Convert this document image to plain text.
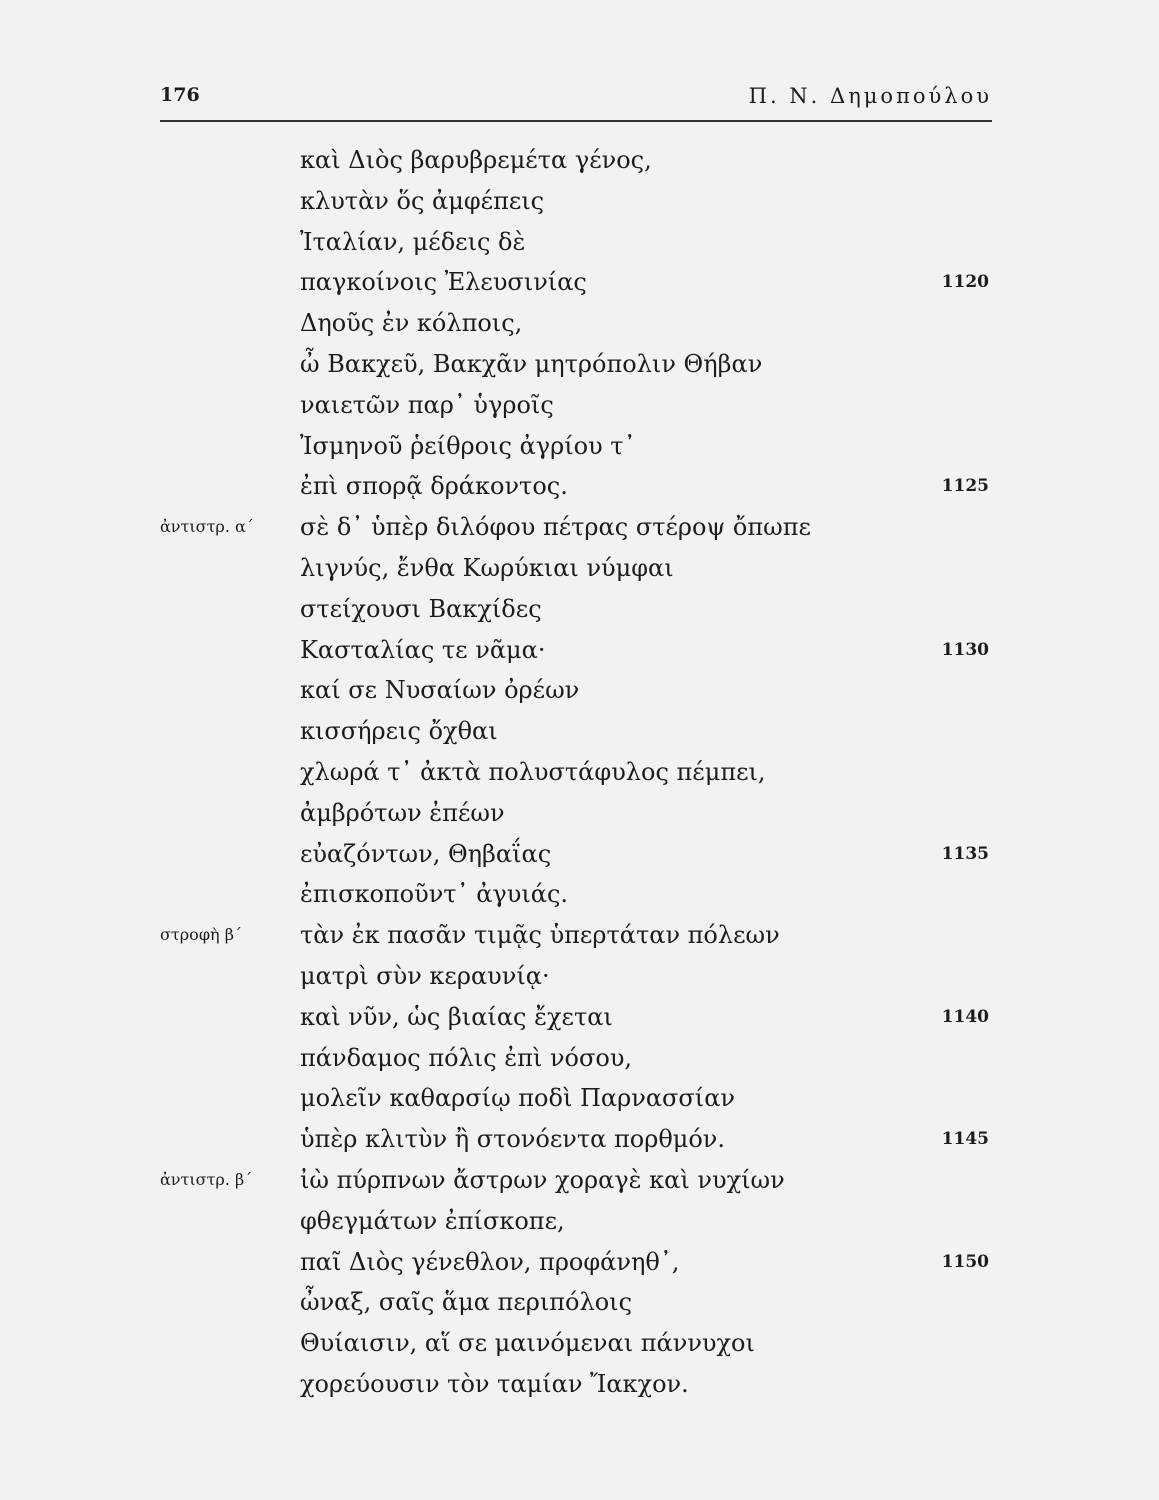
176	Π. Ν. Δημοπούλου
καὶ Διὸς βαρυβρεμέτα γένος,
κλυτὰν ὅς ἀμφέπεις
Ἰταλίαν, μέδεις δὲ
παγκοίνοις Ἐλευσινίας	1120
Δηοῦς ἐν κόλποις,
ὦ Βακχεῦ, Βακχᾶν μητρόπολιν Θήβαν
ναιετῶν παρ᾽ ὑγροῖς
Ἰσμηνοῦ ῥείθροις ἀγρίου τ᾽
ἐπὶ σπορᾷ δράκοντος.	1125
ἀντιστρ. α΄ σὲ δ᾽ ὑπὲρ διλόφου πέτρας στέροψ ὄπωπε
λιγνύς, ἔνθα Κωρύκιαι νύμφαι
στείχουσι Βακχίδες
Κασταλίας τε νᾶμα·	1130
καί σε Νυσαίων ὀρέων
κισσήρεις ὄχθαι
χλωρά τ᾽ ἀκτὰ πολυστάφυλος πέμπει,
ἀμβρότων ἐπέων
εὐαζόντων, Θηβαΐας	1135
ἐπισκοποῦντ᾽ ἀγυιάς.
στροφὴ β΄ τὰν ἐκ πασᾶν τιμᾷς ὑπερτάταν πόλεων
ματρὶ σὺν κεραυνίᾳ·
καὶ νῦν, ὡς βιαίας ἔχεται	1140
πάνδαμος πόλις ἐπὶ νόσου,
μολεῖν καθαρσίῳ ποδὶ Παρνασσίαν
ὑπὲρ κλιτὺν ἢ στονόεντα πορθμόν.	1145
ἀντιστρ. β΄ ἰὼ πύρπνων ἄστρων χοραγὲ καὶ νυχίων
φθεγμάτων ἐπίσκοπε,
παῖ Διὸς γένεθλον, προφάνηθ᾽,	1150
ὦναξ, σαῖς ἅμα περιπόλοις
Θυίαισιν, αἵ σε μαινόμεναι πάννυχοι
χορεύουσιν τὸν ταμίαν Ἴακχον.
